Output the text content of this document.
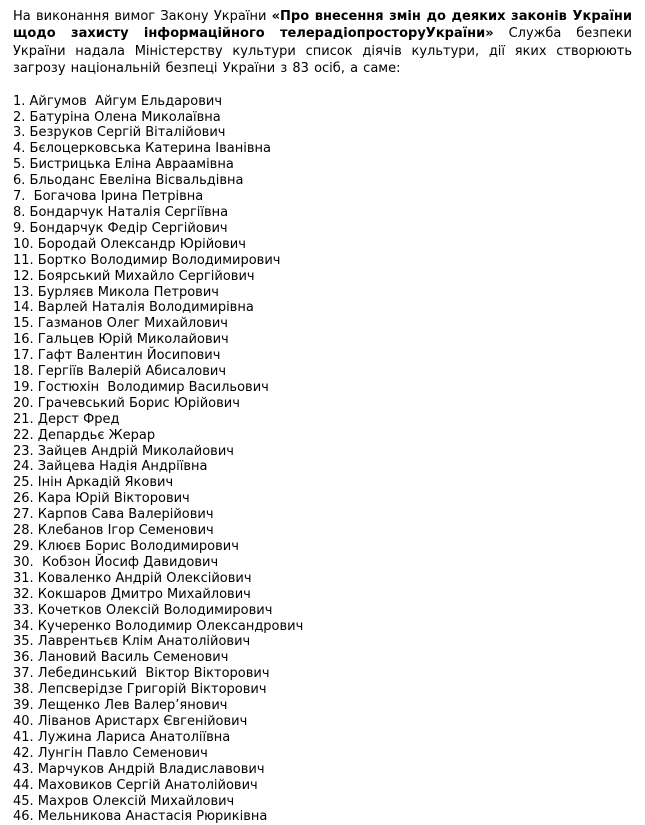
На виконання вимог Закону України «Про внесення змін до деяких законів України щодо захисту інформаційного телерадіопросторуУкраїни» Служба безпеки України надала Міністерству культури список діячів культури, дії яких створюють загрозу національній безпеці України з 83 осіб, а саме:

1. Айгумов  Айгум Ельдарович
2. Батуріна Олена Миколаївна
3. Безруков Сергій Віталійович
4. Бєлоцерковська Катерина Іванівна
5. Бистрицька Еліна Авраамівна
6. Бльоданс Евеліна Вісвальдівна
7.  Богачова Ірина Петрівна
8. Бондарчук Наталія Сергіївна
9. Бондарчук Федір Сергійович
10. Бородай Олександр Юрійович
11. Бортко Володимир Володимирович
12. Боярський Михайло Сергійович
13. Бурляєв Микола Петрович
14. Варлей Наталія Володимирівна
15. Газманов Олег Михайлович
16. Гальцев Юрій Миколайович
17. Гафт Валентин Йосипович
18. Гергіїв Валерій Абисалович
19. Гостюхін  Володимир Васильович
20. Грачевський Борис Юрійович
21. Дерст Фред
22. Депардьє Жерар
23. Зайцев Андрій Миколайович
24. Зайцева Надія Андріївна
25. Інін Аркадій Якович
26. Кара Юрій Вікторович
27. Карпов Сава Валерійович
28. Клебанов Ігор Семенович
29. Клюєв Борис Володимирович
30.  Кобзон Йосиф Давидович
31. Коваленко Андрій Олексійович
32. Кокшаров Дмитро Михайлович
33. Кочетков Олексій Володимирович
34. Кучеренко Володимир Олександрович
35. Лаврентьєв Клім Анатолійович
36. Лановий Василь Семенович
37. Лебединський  Віктор Вікторович
38. Лепсверідзе Григорій Вікторович
39. Лещенко Лев Валер’янович
40. Ліванов Аристарх Євгенійович
41. Лужина Лариса Анатоліївна
42. Лунгін Павло Семенович
43. Марчуков Андрій Владиславович
44. Маховиков Сергій Анатолійович
45. Махров Олексій Михайлович
46. Мельникова Анастасія Рюриківна
